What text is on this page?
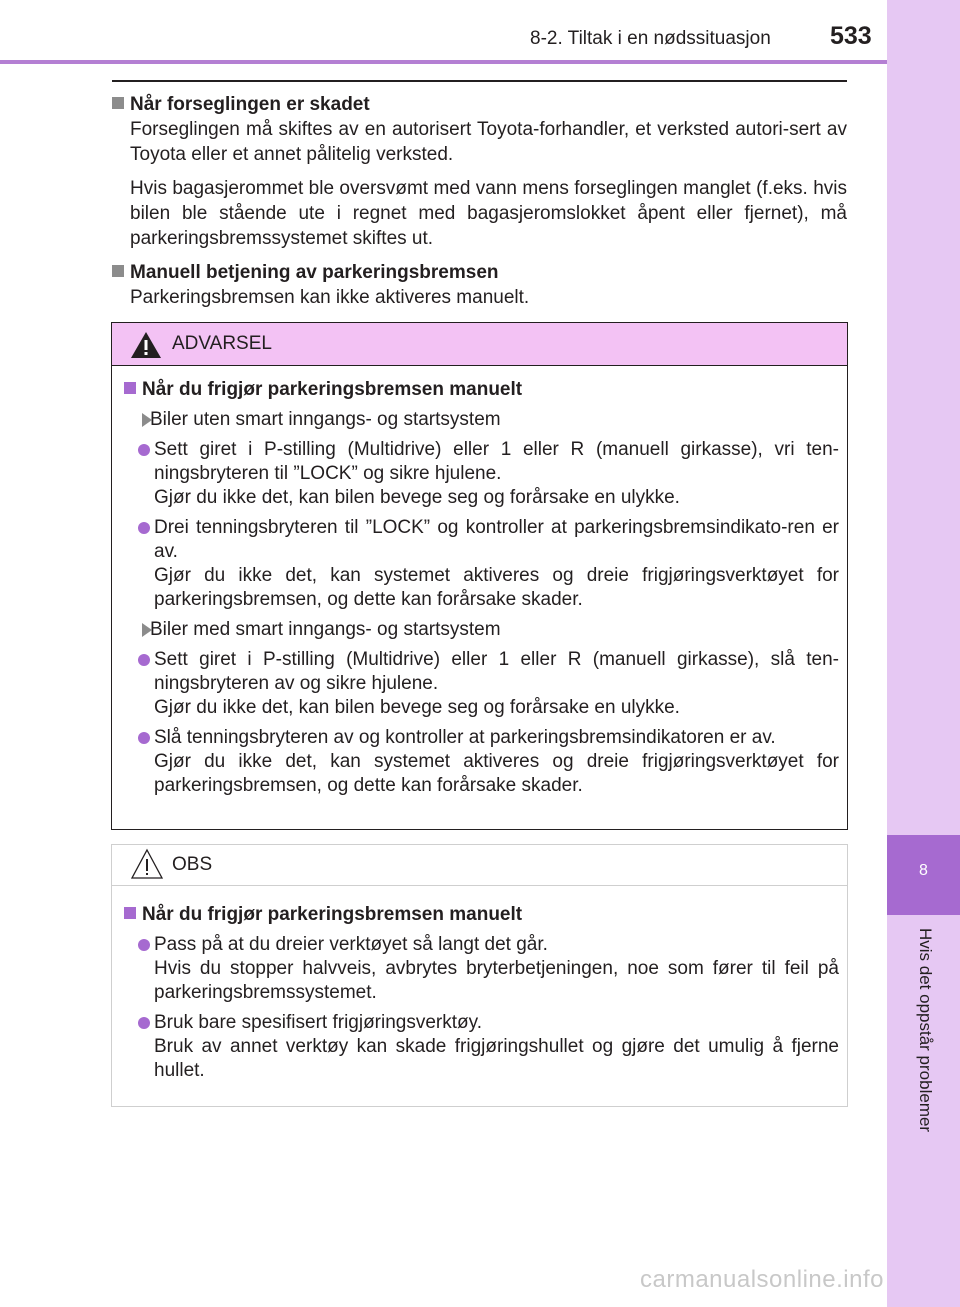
8-2. Tiltak i en nødssituasjon 533
8
Hvis det oppstår problemer

Når forseglingen er skadet

Forseglingen må skiftes av en autorisert Toyota-forhandler, et verksted autori-sert av Toyota eller et annet pålitelig verksted.

Hvis bagasjerommet ble oversvømt med vann mens forseglingen manglet (f.eks. hvis bilen ble stående ute i regnet med bagasjeromslokket åpent eller fjernet), må parkeringsbremssystemet skiftes ut.

Manuell betjening av parkeringsbremsen

Parkeringsbremsen kan ikke aktiveres manuelt.

ADVARSEL

Når du frigjør parkeringsbremsen manuelt

Biler uten smart inngangs- og startsystem

Sett giret i P-stilling (Multidrive) eller 1 eller R (manuell girkasse), vri ten-ningsbryteren til ”LOCK” og sikre hjulene.
Gjør du ikke det, kan bilen bevege seg og forårsake en ulykke.
Drei tenningsbryteren til ”LOCK” og kontroller at parkeringsbremsindikato-ren er av.
Gjør du ikke det, kan systemet aktiveres og dreie frigjøringsverktøyet for parkeringsbremsen, og dette kan forårsake skader.

Biler med smart inngangs- og startsystem

Sett giret i P-stilling (Multidrive) eller 1 eller R (manuell girkasse), slå ten-ningsbryteren av og sikre hjulene.
Gjør du ikke det, kan bilen bevege seg og forårsake en ulykke.
Slå tenningsbryteren av og kontroller at parkeringsbremsindikatoren er av.
Gjør du ikke det, kan systemet aktiveres og dreie frigjøringsverktøyet for parkeringsbremsen, og dette kan forårsake skader.
OBS

Når du frigjør parkeringsbremsen manuelt

Pass på at du dreier verktøyet så langt det går.
Hvis du stopper halvveis, avbrytes bryterbetjeningen, noe som fører til feil på parkeringsbremssystemet.
Bruk bare spesifisert frigjøringsverktøy.
Bruk av annet verktøy kan skade frigjøringshullet og gjøre det umulig å fjerne hullet.
carmanualsonline.info
